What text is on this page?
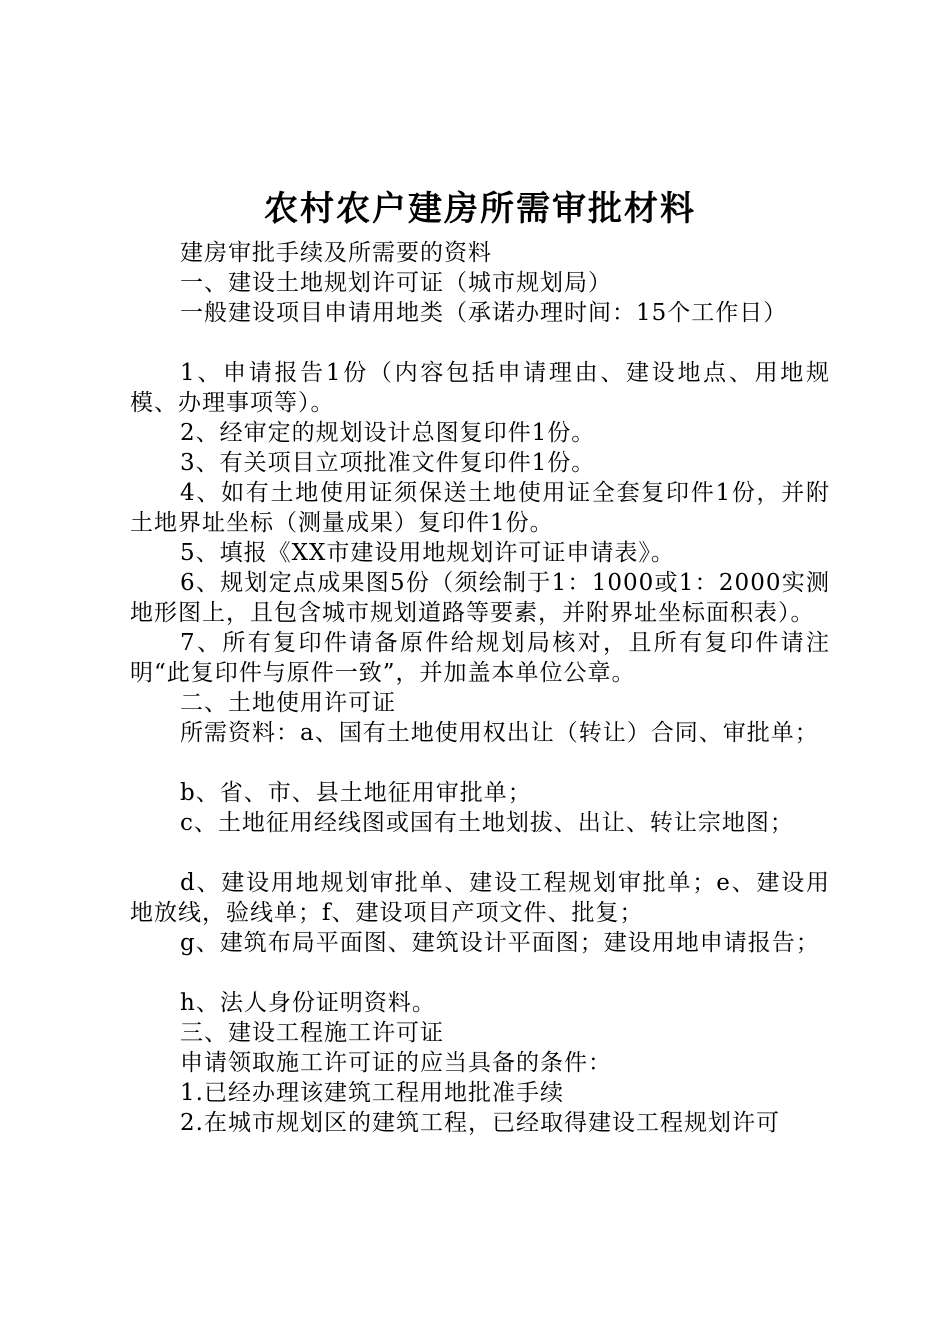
农村农户建房所需审批材料

建房审批手续及所需要的资料

一、建设土地规划许可证（城市规划局）

一般建设项目申请用地类（承诺办理时间：15个工作日）

1、申请报告1份（内容包括申请理由、建设地点、用地规模、办理事项等）。

2、经审定的规划设计总图复印件1份。

3、有关项目立项批准文件复印件1份。

4、如有土地使用证须保送土地使用证全套复印件1份，并附土地界址坐标（测量成果）复印件1份。

5、填报《XX市建设用地规划许可证申请表》。

6、规划定点成果图5份（须绘制于1：1000或1：2000实测地形图上，且包含城市规划道路等要素，并附界址坐标面积表）。

7、所有复印件请备原件给规划局核对，且所有复印件请注明“此复印件与原件一致”，并加盖本单位公章。

二、土地使用许可证

所需资料：a、国有土地使用权出让（转让）合同、审批单；

b、省、市、县土地征用审批单；

c、土地征用经线图或国有土地划拔、出让、转让宗地图；

d、建设用地规划审批单、建设工程规划审批单；e、建设用地放线，验线单；f、建设项目产项文件、批复；

g、建筑布局平面图、建筑设计平面图；建设用地申请报告；

h、法人身份证明资料。

三、建设工程施工许可证

申请领取施工许可证的应当具备的条件：

1.已经办理该建筑工程用地批准手续

2.在城市规划区的建筑工程，已经取得建设工程规划许可
